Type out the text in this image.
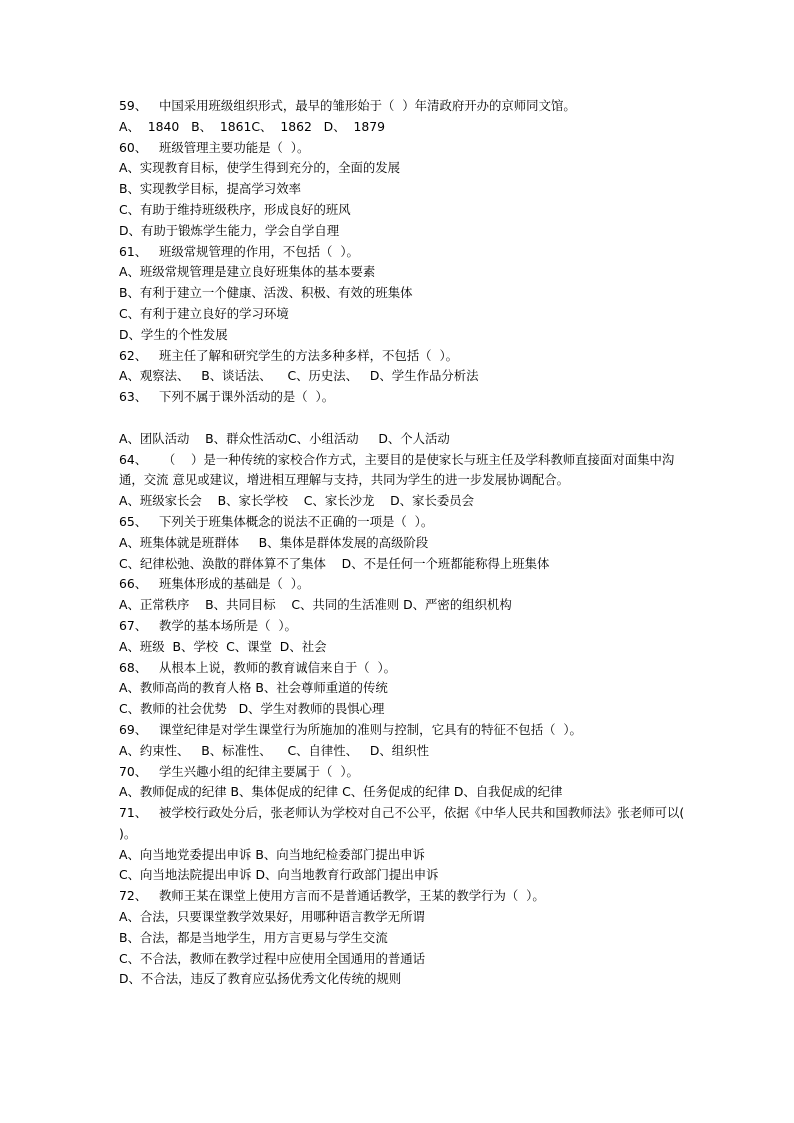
59、   中国采用班级组织形式，最早的雏形始于（  ）年清政府开办的京师同文馆。
A、  1840   B、  1861C、  1862   D、  1879
60、   班级管理主要功能是（  ）。
A、实现教育目标，使学生得到充分的，全面的发展
B、实现教学目标，提高学习效率
C、有助于维持班级秩序，形成良好的班风
D、有助于锻炼学生能力，学会自学自理
61、   班级常规管理的作用，不包括（  ）。
A、班级常规管理是建立良好班集体的基本要素
B、有利于建立一个健康、活泼、积极、有效的班集体
C、有利于建立良好的学习环境
D、学生的个性发展
62、   班主任了解和研究学生的方法多种多样，不包括（  ）。
A、观察法、   B、谈话法、    C、历史法、   D、学生作品分析法
63、   下列不属于课外活动的是（  ）。
A、团队活动    B、群众性活动C、小组活动     D、个人活动
64、    （    ）是一种传统的家校合作方式，主要目的是使家长与班主任及学科教师直接面对面集中沟通，交流 意见或建议，增进相互理解与支持，共同为学生的进一步发展协调配合。
A、班级家长会    B、家长学校    C、家长沙龙    D、家长委员会
65、   下列关于班集体概念的说法不正确的一项是（  ）。
A、班集体就是班群体     B、集体是群体发展的高级阶段
C、纪律松弛、涣散的群体算不了集体    D、不是任何一个班都能称得上班集体
66、   班集体形成的基础是（  ）。
A、正常秩序    B、共同目标    C、共同的生活准则 D、严密的组织机构
67、   教学的基本场所是（  ）。
A、班级  B、学校  C、课堂  D、社会
68、   从根本上说，教师的教育诚信来自于（  ）。
A、教师高尚的教育人格 B、社会尊师重道的传统
C、教师的社会优势   D、学生对教师的畏惧心理
69、   课堂纪律是对学生课堂行为所施加的准则与控制，它具有的特征不包括（  ）。
A、约束性、   B、标准性、    C、自律性、   D、组织性
70、   学生兴趣小组的纪律主要属于（  ）。
A、教师促成的纪律 B、集体促成的纪律 C、任务促成的纪律 D、自我促成的纪律
71、   被学校行政处分后，张老师认为学校对自己不公平，依据《中华人民共和国教师法》张老师可以( )。
A、向当地党委提出申诉 B、向当地纪检委部门提出申诉
C、向当地法院提出申诉 D、向当地教育行政部门提出申诉
72、   教师王某在课堂上使用方言而不是普通话教学，王某的教学行为（  ）。
A、合法，只要课堂教学效果好，用哪种语言教学无所谓
B、合法，都是当地学生，用方言更易与学生交流
C、不合法，教师在教学过程中应使用全国通用的普通话
D、不合法，违反了教育应弘扬优秀文化传统的规则
